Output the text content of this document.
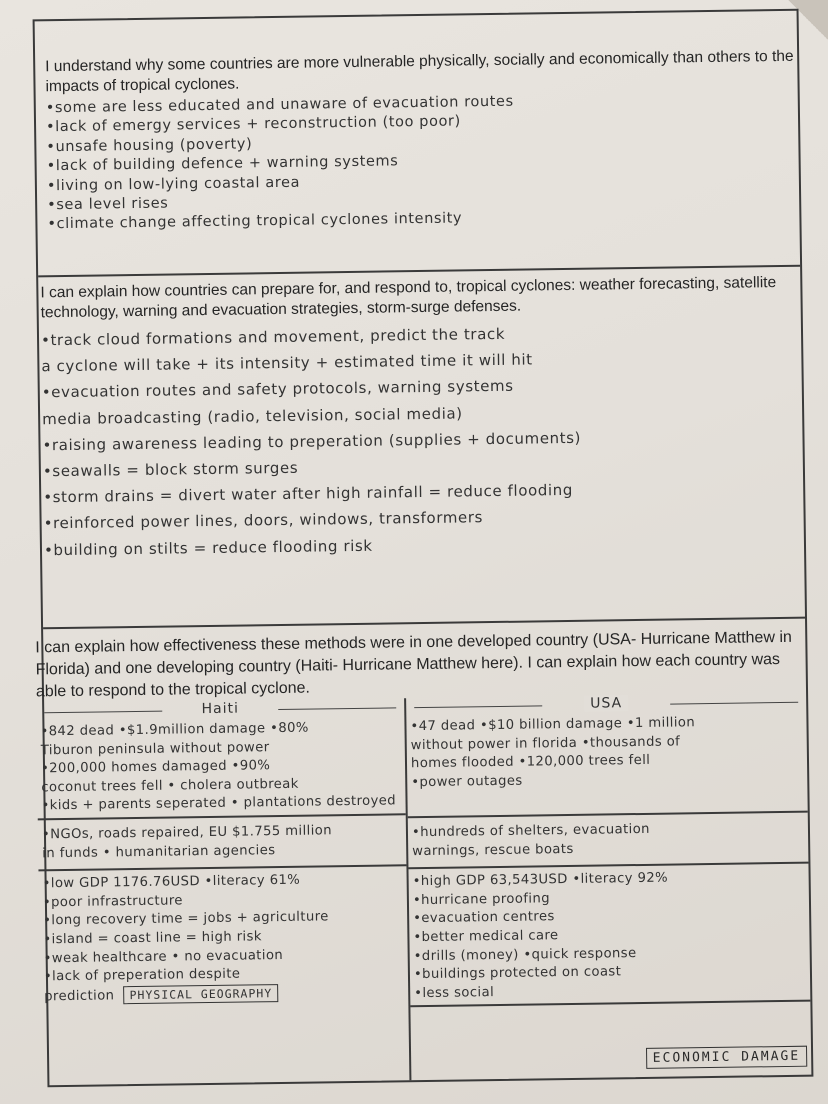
I understand why some countries are more vulnerable physically, socially and economically than others to the impacts of tropical cyclones.

•some are less educated and unaware of evacuation routes

•lack of emergy services + reconstruction (too poor)

•unsafe housing (poverty)

•lack of building defence + warning systems

•living on low-lying coastal area

•sea level rises

•climate change affecting tropical cyclones intensity

I can explain how countries can prepare for, and respond to, tropical cyclones: weather forecasting, satellite technology, warning and evacuation strategies, storm-surge defenses.

•track cloud formations and movement, predict the track

a cyclone will take + its intensity + estimated time it will hit

•evacuation routes and safety protocols, warning systems

media broadcasting (radio, television, social media)

•raising awareness leading to preperation (supplies + documents)

•seawalls = block storm surges

•storm drains = divert water after high rainfall = reduce flooding

•reinforced power lines, doors, windows, transformers

•building on stilts = reduce flooding risk

I can explain how effectiveness these methods were in one developed country (USA- Hurricane Matthew in Florida) and one developing country (Haiti- Hurricane Matthew here). I can explain how each country was able to respond to the tropical cyclone.

Haiti

•842 dead •$1.9million damage •80%

Tiburon peninsula without power

•200,000 homes damaged •90%

coconut trees fell • cholera outbreak

•kids + parents seperated • plantations destroyed

•NGOs, roads repaired, EU $1.755 million

in funds • humanitarian agencies

•low GDP 1176.76USD •literacy 61%

•poor infrastructure

•long recovery time = jobs + agriculture

•island = coast line = high risk

•weak healthcare • no evacuation

•lack of preperation despite

prediction PHYSICAL GEOGRAPHY

USA

•47 dead •$10 billion damage •1 million

without power in florida •thousands of

homes flooded •120,000 trees fell

•power outages

•hundreds of shelters, evacuation

warnings, rescue boats

•high GDP 63,543USD •literacy 92%

•hurricane proofing

•evacuation centres

•better medical care

•drills (money) •quick response

•buildings protected on coast

•less social

ECONOMIC DAMAGE
